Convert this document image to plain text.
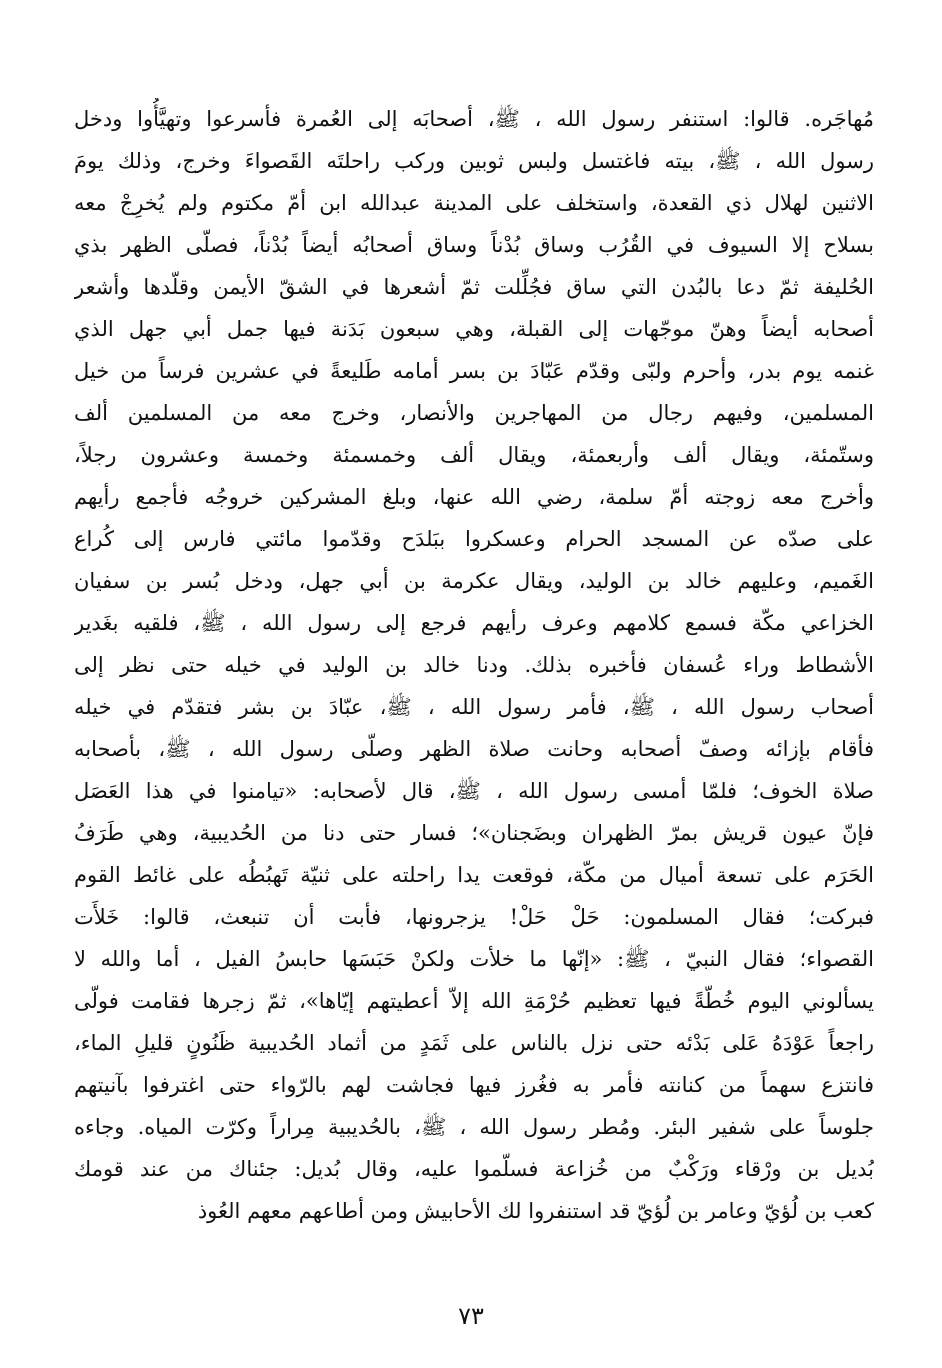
مُهاجَره. قالوا: استنفر رسول الله ، ﷺ، أصحابَه إلى العُمرة فأسرعوا وتهيَّأُوا ودخل
رسول الله ، ﷺ، بيته فاغتسل ولبس ثوبين وركب راحلتَه القَصواءَ وخرج، وذلك يومَ
الاثنين لهلال ذي القعدة، واستخلف على المدينة عبدالله ابن أمّ مكتوم ولم يُخرِجْ معه
بسلاح إلا السيوف في القُرُب وساق بُدْناً وساق أصحابُه أيضاً بُدْناً، فصلّى الظهر بذي
الحُليفة ثمّ دعا بالبُدن التي ساق فجُلِّلت ثمّ أشعرها في الشقّ الأيمن وقلّدها وأشعر
أصحابه أيضاً وهنّ موجّهات إلى القبلة، وهي سبعون بَدَنة فيها جمل أبي جهل الذي
غنمه يوم بدر، وأحرم ولبّى وقدّم عَبّادَ بن بسر أمامه طَليعةً في عشرين فرساً من خيل
المسلمين، وفيهم رجال من المهاجرين والأنصار، وخرج معه من المسلمين ألف
وستّمئة، ويقال ألف وأربعمئة، ويقال ألف وخمسمئة وخمسة وعشرون رجلاً،
وأخرج معه زوجته أمّ سلمة، رضي الله عنها، وبلغ المشركين خروجُه فأجمع رأيهم
على صدّه عن المسجد الحرام وعسكروا ببَلدَح وقدّموا مائتي فارس إلى كُراع
الغَميم، وعليهم خالد بن الوليد، ويقال عكرمة بن أبي جهل، ودخل بُسر بن سفيان
الخزاعي مكّة فسمع كلامهم وعرف رأيهم فرجع إلى رسول الله ، ﷺ، فلقيه بغَدير
الأشطاط وراء عُسفان فأخبره بذلك. ودنا خالد بن الوليد في خيله حتى نظر إلى
أصحاب رسول الله ، ﷺ، فأمر رسول الله ، ﷺ، عبّادَ بن بشر فتقدّم في خيله
فأقام بإزائه وصفّ أصحابه وحانت صلاة الظهر وصلّى رسول الله ، ﷺ، بأصحابه
صلاة الخوف؛ فلمّا أمسى رسول الله ، ﷺ، قال لأصحابه: «تيامنوا في هذا العَصَل
فإنّ عيون قريش بمرّ الظهران وبضَجنان»؛ فسار حتى دنا من الحُديبية، وهي طَرَفُ
الحَرَم على تسعة أميال من مكّة، فوقعت يدا راحلته على ثنيّة تَهبُطُه على غائط القوم
فبركت؛ فقال المسلمون: حَلْ حَلْ! يزجرونها، فأبت أن تنبعث، قالوا: خَلأَت
القصواء؛ فقال النبيّ ، ﷺ: «إنّها ما خلأت ولكنْ حَبَسَها حابسُ الفيل ، أما والله لا
يسألوني اليوم خُطّةً فيها تعظيم حُرْمَةِ الله إلاّ أعطيتهم إيّاها»، ثمّ زجرها فقامت فولّى
راجعاً عَوْدَهُ عَلى بَدْئه حتى نزل بالناس على ثَمَدٍ من أثماد الحُديبية ظَنُونٍ قليلِ الماء،
فانتزع سهماً من كنانته فأمر به فغُرز فيها فجاشت لهم بالرّواء حتى اغترفوا بآنيتهم
جلوساً على شفير البئر. ومُطر رسول الله ، ﷺ، بالحُديبية مِراراً وكرّت المياه. وجاءه
بُديل بن ورْقاء ورَكْبٌ من خُزاعة فسلّموا عليه، وقال بُديل: جئناك من عند قومك
كعب بن لُؤيّ وعامر بن لُؤيّ قد استنفروا لك الأحابيش ومن أطاعهم معهم العُوذ
٧٣
